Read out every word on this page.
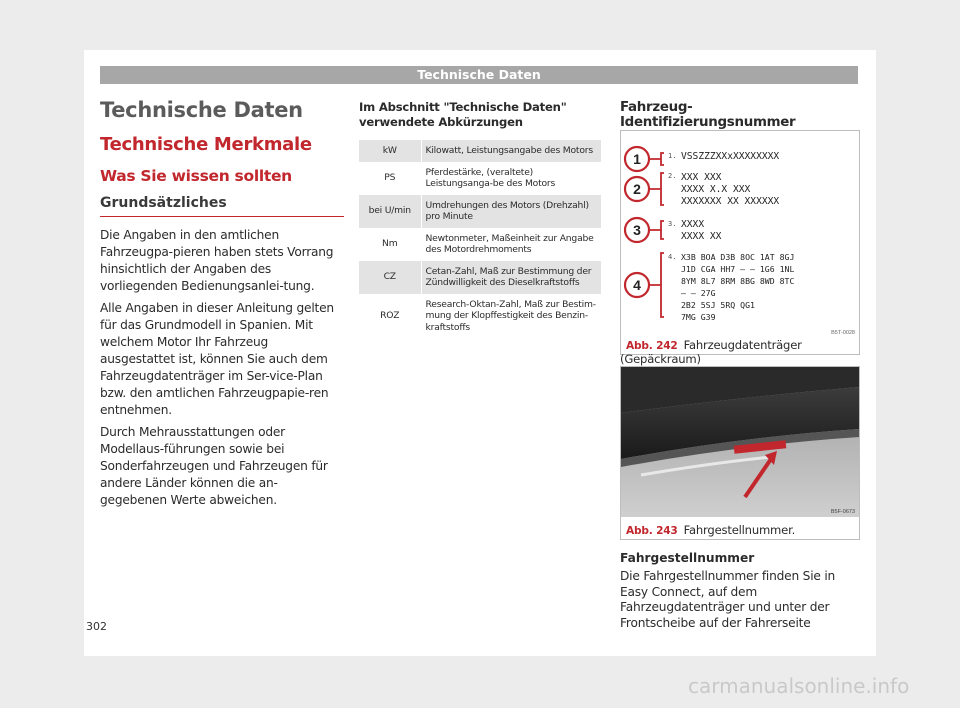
Technische Daten
Technische Daten
Technische Merkmale
Was Sie wissen sollten
Grundsätzliches

Die Angaben in den amtlichen Fahrzeugpa-pieren haben stets Vorrang hinsichtlich der Angaben des vorliegenden Bedienungsanlei-tung.

Alle Angaben in dieser Anleitung gelten für das Grundmodell in Spanien. Mit welchem Motor Ihr Fahrzeug ausgestattet ist, können Sie auch dem Fahrzeugdatenträger im Ser-vice-Plan bzw. den amtlichen Fahrzeugpapie-ren entnehmen.

Durch Mehrausstattungen oder Modellaus-führungen sowie bei Sonderfahrzeugen und Fahrzeugen für andere Länder können die an-gegebenen Werte abweichen.

Im Abschnitt "Technische Daten" verwendete Abkürzungen
kW	Kilowatt, Leistungsangabe des Motors
PS	Pferdestärke, (veraltete) Leistungsanga-be des Motors
bei U/min	Umdrehungen des Motors (Drehzahl) pro Minute
Nm	Newtonmeter, Maßeinheit zur Angabe des Motordrehmoments
CZ	Cetan-Zahl, Maß zur Bestimmung der Zündwilligkeit des Dieselkraftstoffs
ROZ	Research-Oktan-Zahl, Maß zur Bestim-mung der Klopffestigkeit des Benzin-kraftstoffs
Fahrzeug-Identifizierungsnummer
1
2
3
4
1.
2.
3.
4.
VSSZZZXXxXXXXXXXX
XXX XXX
XXXX X.X XXX
XXXXXXX XX XXXXXX
XXXX
XXXX XX
X3B BOA D3B 8OC 1AT 8GJ
J1D CGA HH7 – – 1G6 1NL
8YM 8L7 8RM 8BG 8WD 8TC
– – 27G
2B2 5SJ 5RQ QG1
7MG G39
B5T-0028
Abb. 242 Fahrzeugdatenträger (Gepäckraum)
B5F-0673
Abb. 243 Fahrgestellnummer.
Fahrgestellnummer
Die Fahrgestellnummer finden Sie in Easy Connect, auf dem Fahrzeugdatenträger und unter der Frontscheibe auf der Fahrerseite
302
carmanualsonline.info
